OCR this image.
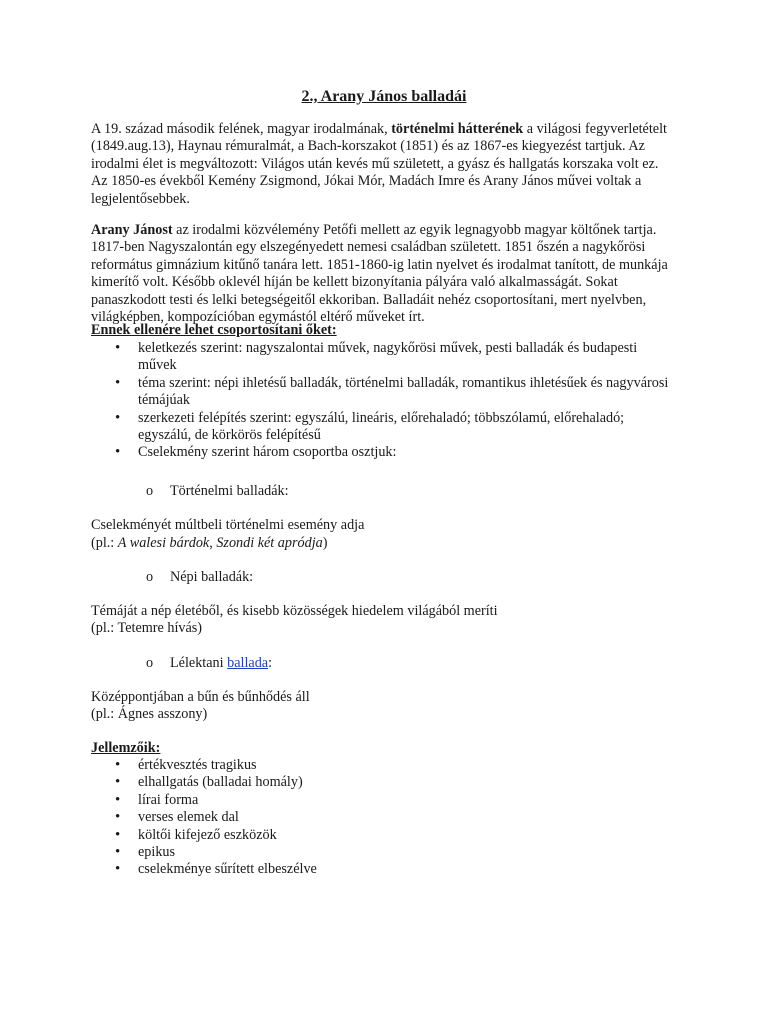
2., Arany János balladái

A 19. század második felének, magyar irodalmának, történelmi hátterének a világosi fegyverletételt (1849.aug.13), Haynau rémuralmát, a Bach-korszakot (1851) és az 1867-es kiegyezést tartjuk. Az irodalmi élet is megváltozott: Világos után kevés mű született, a gyász és hallgatás korszaka volt ez. Az 1850-es évekből Kemény Zsigmond, Jókai Mór, Madách Imre és Arany János művei voltak a legjelentősebbek.

Arany Jánost az irodalmi közvélemény Petőfi mellett az egyik legnagyobb magyar költőnek tartja. 1817-ben Nagyszalontán egy elszegényedett nemesi családban született. 1851 őszén a nagykőrösi református gimnázium kitűnő tanára lett. 1851-1860-ig latin nyelvet és irodalmat tanított, de munkája kimerítő volt. Később oklevél híján be kellett bizonyítania pályára való alkalmasságát. Sokat panaszkodott testi és lelki betegségeitől ekkoriban. Balladáit nehéz csoportosítani, mert nyelvben, világképben, kompozícióban egymástól eltérő műveket írt.

Ennek ellenére lehet csoportosítani őket:
• keletkezés szerint: nagyszalontai művek, nagykőrösi művek, pesti balladák és budapesti művek
• téma szerint: népi ihletésű balladák, történelmi balladák, romantikus ihletésűek és nagyvárosi témájúak
• szerkezeti felépítés szerint: egyszálú, lineáris, előrehaladó; többszólamú, előrehaladó; egyszálú, de körkörös felépítésű
• Cselekmény szerint három csoportba osztjuk:
o Történelmi balladák:
Cselekményét múltbeli történelmi esemény adja
(pl.: A walesi bárdok, Szondi két apródja)
o Népi balladák:
Témáját a nép életéből, és kisebb közösségek hiedelem világából meríti
(pl.: Tetemre hívás)
o Lélektani ballada:
Középpontjában a bűn és bűnhődés áll
(pl.: Ágnes asszony)
Jellemzőik:
• értékvesztés tragikus
• elhallgatás (balladai homály)
• lírai forma
• verses elemek dal
• költői kifejező eszközök
• epikus
• cselekménye sűrített elbeszélve
